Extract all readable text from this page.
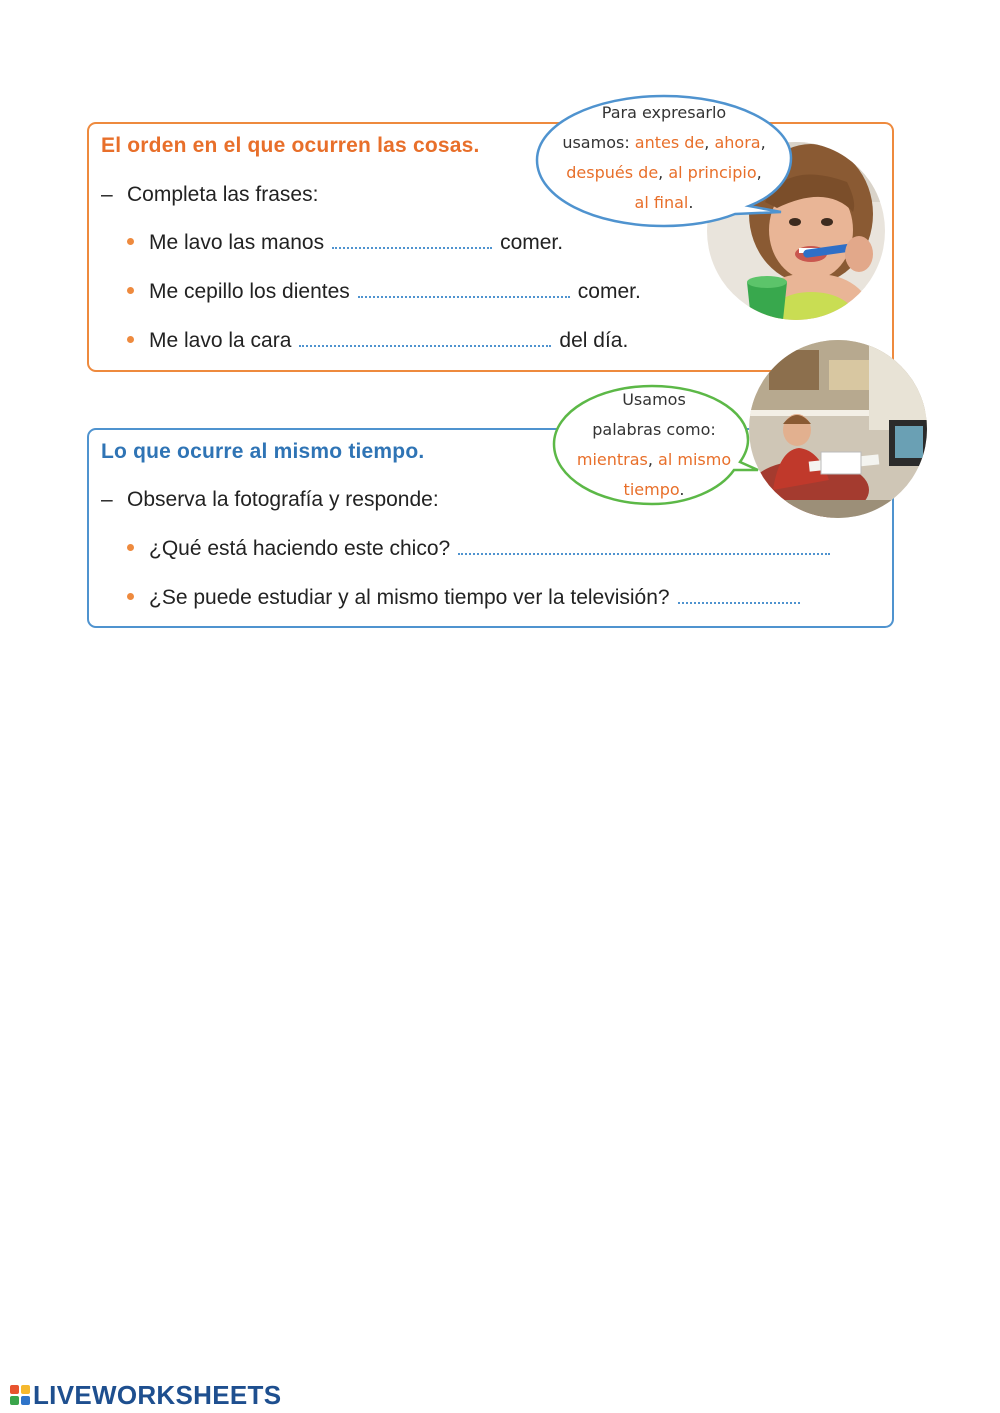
El orden en el que ocurren las cosas.
– Completa las frases:
Me lavo las manos	comer.
Me cepillo los dientes	comer.
Me lavo la cara	del día.
Para expresarlo
usamos: antes de, ahora,
después de, al principio,
al final.
Lo que ocurre al mismo tiempo.
– Observa la fotografía y responde:
¿Qué está haciendo este chico?
¿Se puede estudiar y al mismo tiempo ver la televisión?
Usamos
palabras como:
mientras, al mismo
tiempo.
LIVEWORKSHEETS
